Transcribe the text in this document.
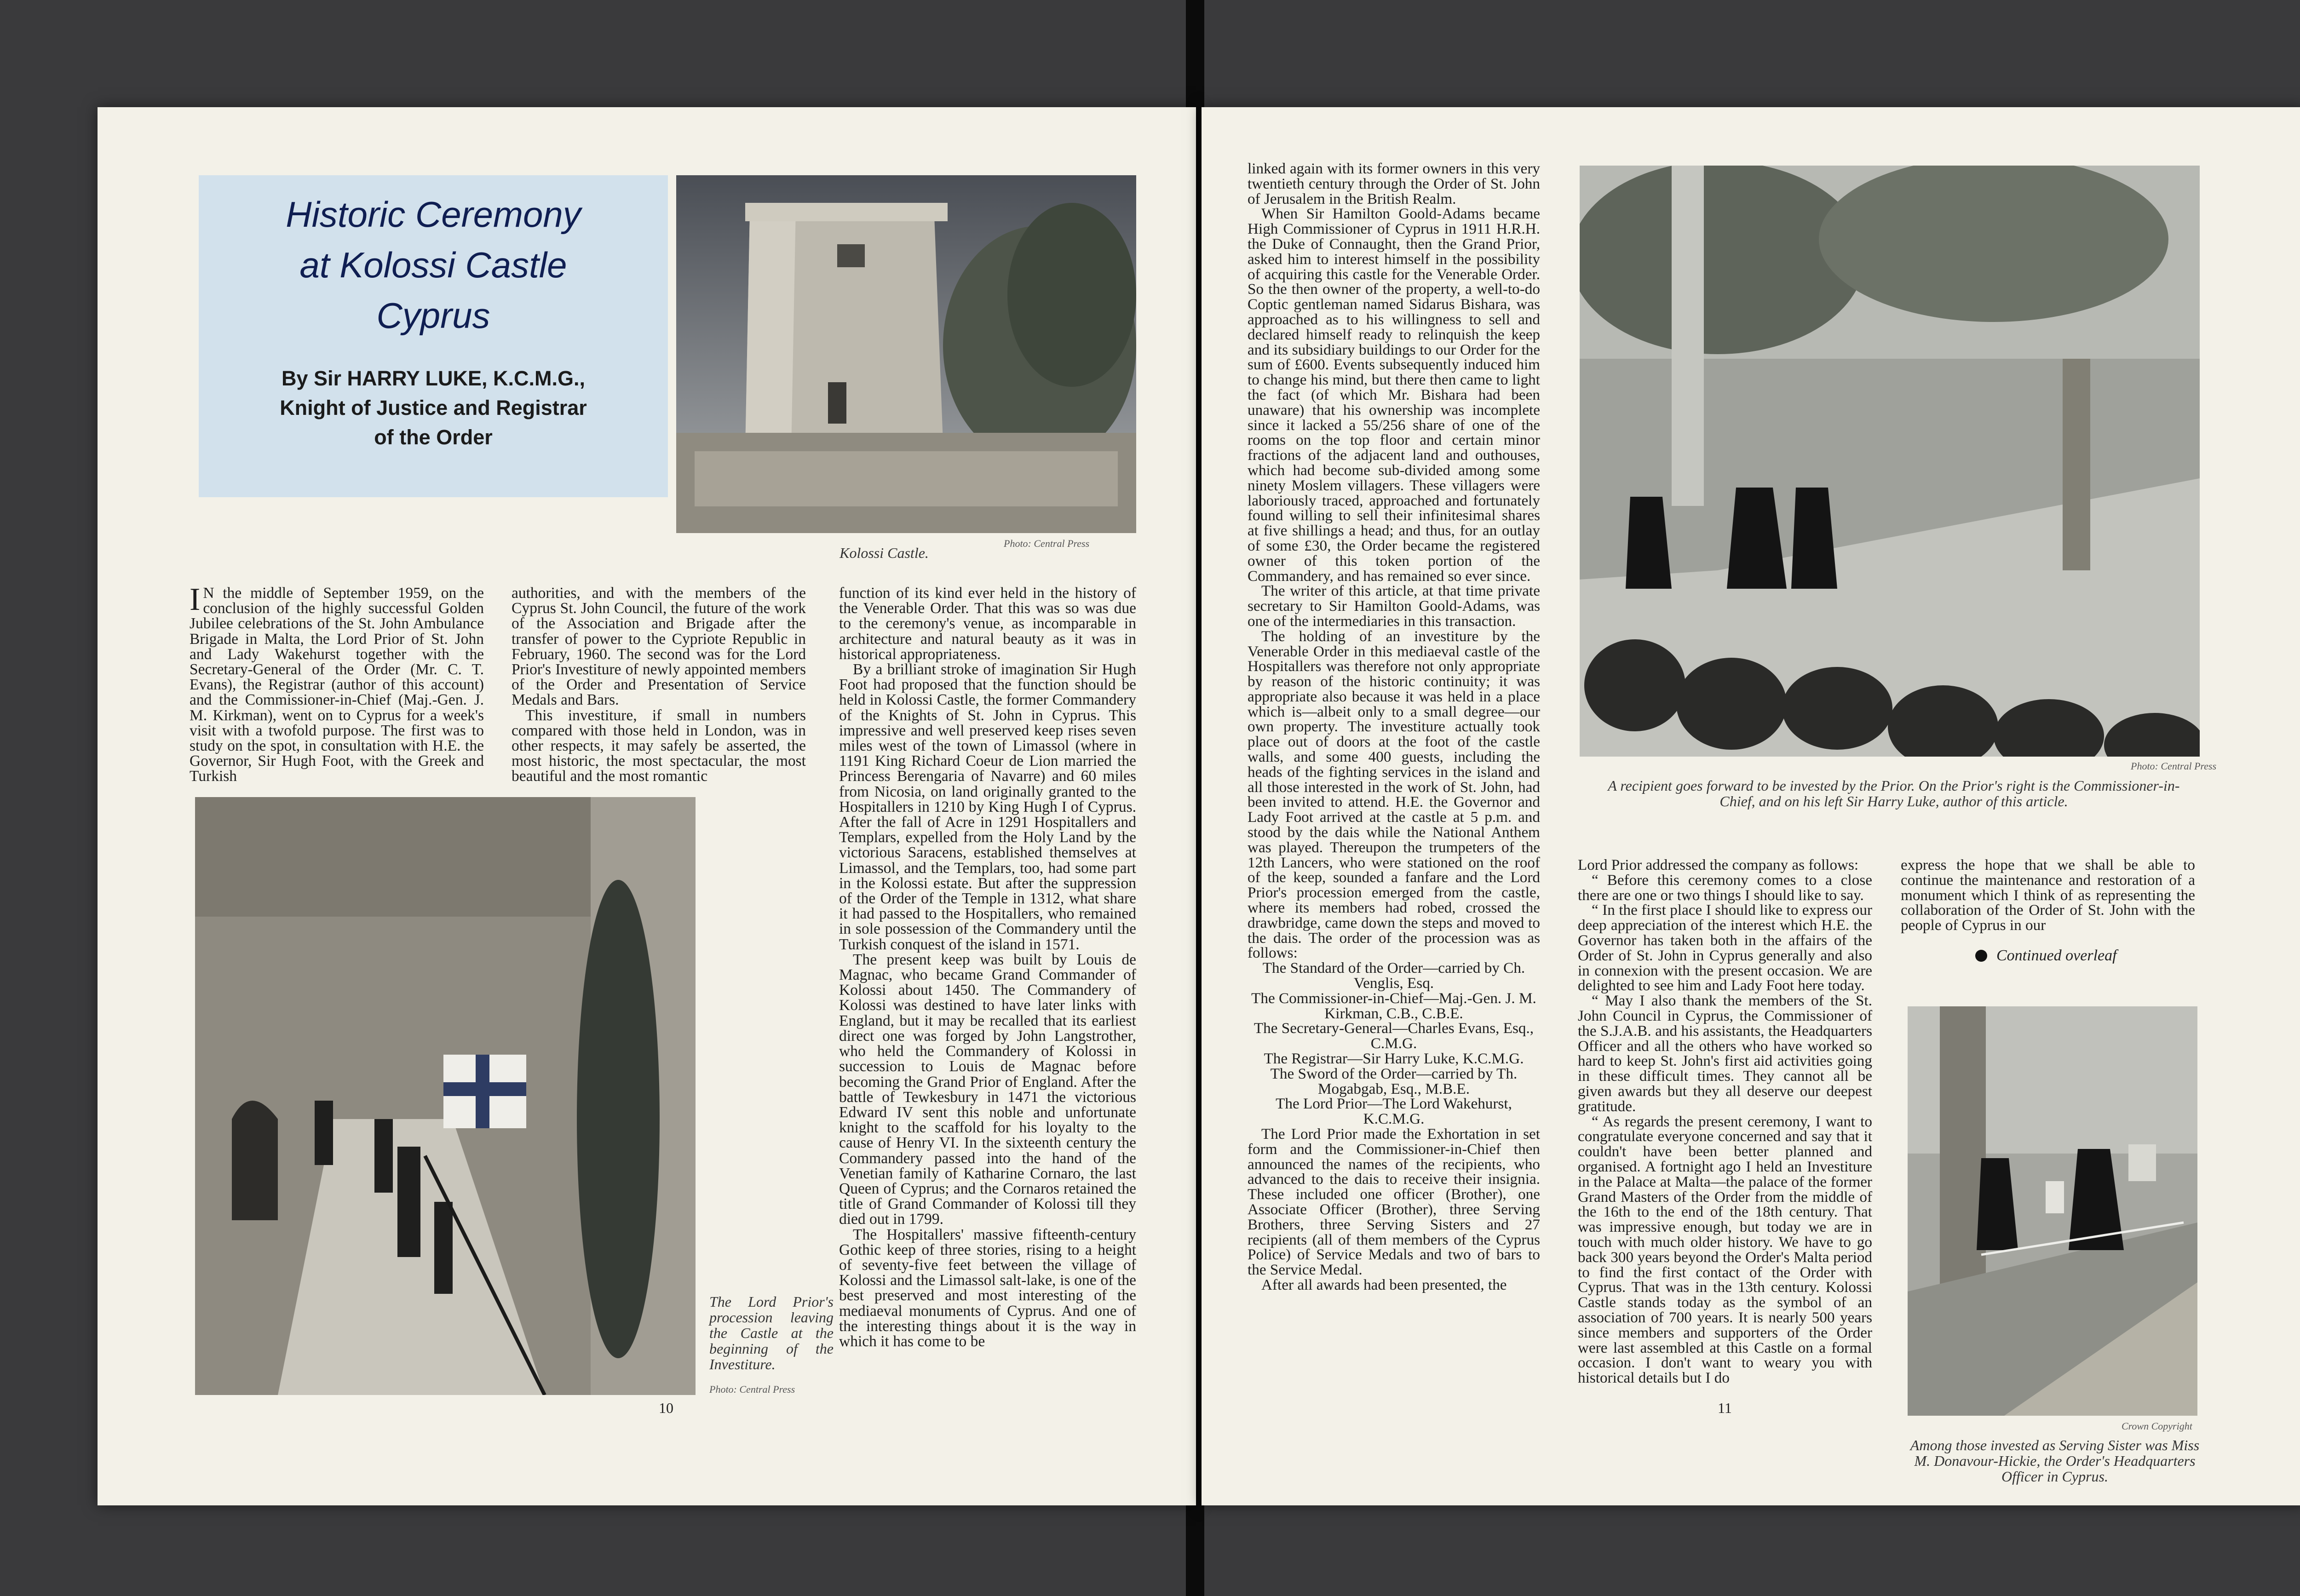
Historic Ceremony
at Kolossi Castle
Cyprus
By Sir HARRY LUKE, K.C.M.G.,
Knight of Justice and Registrar
of the Order
Kolossi Castle.
Photo: Central Press

I N the middle of September 1959, on the conclusion of the highly successful Golden Jubilee celebrations of the St. John Ambulance Brigade in Malta, the Lord Prior of St. John and Lady Wakehurst together with the Secretary-General of the Order (Mr. C. T. Evans), the Registrar (author of this account) and the Commissioner-in-Chief (Maj.-Gen. J. M. Kirkman), went on to Cyprus for a week's visit with a twofold purpose. The first was to study on the spot, in consultation with H.E. the Governor, Sir Hugh Foot, with the Greek and Turkish

authorities, and with the members of the Cyprus St. John Council, the future of the work of the Association and Brigade after the transfer of power to the Cypriote Republic in February, 1960. The second was for the Lord Prior's Investiture of newly appointed members of the Order and Presentation of Service Medals and Bars.

This investiture, if small in numbers compared with those held in London, was in other respects, it may safely be asserted, the most historic, the most spectacular, the most beautiful and the most romantic

function of its kind ever held in the history of the Venerable Order. That this was so was due to the ceremony's venue, as incomparable in architecture and natural beauty as it was in historical appropriateness.

By a brilliant stroke of imagination Sir Hugh Foot had proposed that the function should be held in Kolossi Castle, the former Commandery of the Knights of St. John in Cyprus. This impressive and well preserved keep rises seven miles west of the town of Limassol (where in 1191 King Richard Coeur de Lion married the Princess Berengaria of Navarre) and 60 miles from Nicosia, on land originally granted to the Hospitallers in 1210 by King Hugh I of Cyprus. After the fall of Acre in 1291 Hospitallers and Templars, expelled from the Holy Land by the victorious Saracens, established themselves at Limassol, and the Templars, too, had some part in the Kolossi estate. But after the suppression of the Order of the Temple in 1312, what share it had passed to the Hospitallers, who remained in sole possession of the Commandery until the Turkish conquest of the island in 1571.

The present keep was built by Louis de Magnac, who became Grand Commander of Kolossi about 1450. The Commandery of Kolossi was destined to have later links with England, but it may be recalled that its earliest direct one was forged by John Langstrother, who held the Commandery of Kolossi in succession to Louis de Magnac before becoming the Grand Prior of England. After the battle of Tewkesbury in 1471 the victorious Edward IV sent this noble and unfortunate knight to the scaffold for his loyalty to the cause of Henry VI. In the sixteenth century the Commandery passed into the hand of the Venetian family of Katharine Cornaro, the last Queen of Cyprus; and the Cornaros retained the title of Grand Commander of Kolossi till they died out in 1799.

The Hospitallers' massive fifteenth-century Gothic keep of three stories, rising to a height of seventy-five feet between the village of Kolossi and the Limassol salt-lake, is one of the best preserved and most interesting of the mediaeval monuments of Cyprus. And one of the interesting things about it is the way in which it has come to be

The Lord Prior's procession leaving the Castle at the beginning of the Investiture.
Photo: Central Press
10

linked again with its former owners in this very twentieth century through the Order of St. John of Jerusalem in the British Realm.

When Sir Hamilton Goold-Adams became High Commissioner of Cyprus in 1911 H.R.H. the Duke of Connaught, then the Grand Prior, asked him to interest himself in the possibility of acquiring this castle for the Venerable Order. So the then owner of the property, a well-to-do Coptic gentleman named Sidarus Bishara, was approached as to his willingness to sell and declared himself ready to relinquish the keep and its subsidiary buildings to our Order for the sum of £600. Events subsequently induced him to change his mind, but there then came to light the fact (of which Mr. Bishara had been unaware) that his ownership was incomplete since it lacked a 55/256 share of one of the rooms on the top floor and certain minor fractions of the adjacent land and outhouses, which had become sub-divided among some ninety Moslem villagers. These villagers were laboriously traced, approached and fortunately found willing to sell their infinitesimal shares at five shillings a head; and thus, for an outlay of some £30, the Order became the registered owner of this token portion of the Commandery, and has remained so ever since.

The writer of this article, at that time private secretary to Sir Hamilton Goold-Adams, was one of the intermediaries in this transaction.

The holding of an investiture by the Venerable Order in this mediaeval castle of the Hospitallers was therefore not only appropriate by reason of the historic continuity; it was appropriate also because it was held in a place which is—albeit only to a small degree—our own property. The investiture actually took place out of doors at the foot of the castle walls, and some 400 guests, including the heads of the fighting services in the island and all those interested in the work of St. John, had been invited to attend. H.E. the Governor and Lady Foot arrived at the castle at 5 p.m. and stood by the dais while the National Anthem was played. Thereupon the trumpeters of the 12th Lancers, who were stationed on the roof of the keep, sounded a fanfare and the Lord Prior's procession emerged from the castle, where its members had robed, crossed the drawbridge, came down the steps and moved to the dais. The order of the procession was as follows:

The Standard of the Order—carried by Ch. Venglis, Esq.

The Commissioner-in-Chief—Maj.-Gen. J. M. Kirkman, C.B., C.B.E.

The Secretary-General—Charles Evans, Esq., C.M.G.

The Registrar—Sir Harry Luke, K.C.M.G.

The Sword of the Order—carried by Th. Mogabgab, Esq., M.B.E.

The Lord Prior—The Lord Wakehurst, K.C.M.G.

The Lord Prior made the Exhortation in set form and the Commissioner-in-Chief then announced the names of the recipients, who advanced to the dais to receive their insignia. These included one officer (Brother), one Associate Officer (Brother), three Serving Brothers, three Serving Sisters and 27 recipients (all of them members of the Cyprus Police) of Service Medals and two of bars to the Service Medal.

After all awards had been presented, the

Photo: Central Press
A recipient goes forward to be invested by the Prior. On the Prior's right is the Commissioner-in-Chief, and on his left Sir Harry Luke, author of this article.

Lord Prior addressed the company as follows:

“ Before this ceremony comes to a close there are one or two things I should like to say.

“ In the first place I should like to express our deep appreciation of the interest which H.E. the Governor has taken both in the affairs of the Order of St. John in Cyprus generally and also in connexion with the present occasion. We are delighted to see him and Lady Foot here today.

“ May I also thank the members of the St. John Council in Cyprus, the Commissioner of the S.J.A.B. and his assistants, the Headquarters Officer and all the others who have worked so hard to keep St. John's first aid activities going in these difficult times. They cannot all be given awards but they all deserve our deepest gratitude.

“ As regards the present ceremony, I want to congratulate everyone concerned and say that it couldn't have been better planned and organised. A fortnight ago I held an Investiture in the Palace at Malta—the palace of the former Grand Masters of the Order from the middle of the 16th to the end of the 18th century. That was impressive enough, but today we are in touch with much older history. We have to go back 300 years beyond the Order's Malta period to find the first contact of the Order with Cyprus. That was in the 13th century. Kolossi Castle stands today as the symbol of an association of 700 years. It is nearly 500 years since members and supporters of the Order were last assembled at this Castle on a formal occasion. I don't want to weary you with historical details but I do

express the hope that we shall be able to continue the maintenance and restoration of a monument which I think of as representing the collaboration of the Order of St. John with the people of Cyprus in our

Continued overleaf
Crown Copyright
Among those invested as Serving Sister was Miss M. Donavour-Hickie, the Order's Headquarters Officer in Cyprus.
11
